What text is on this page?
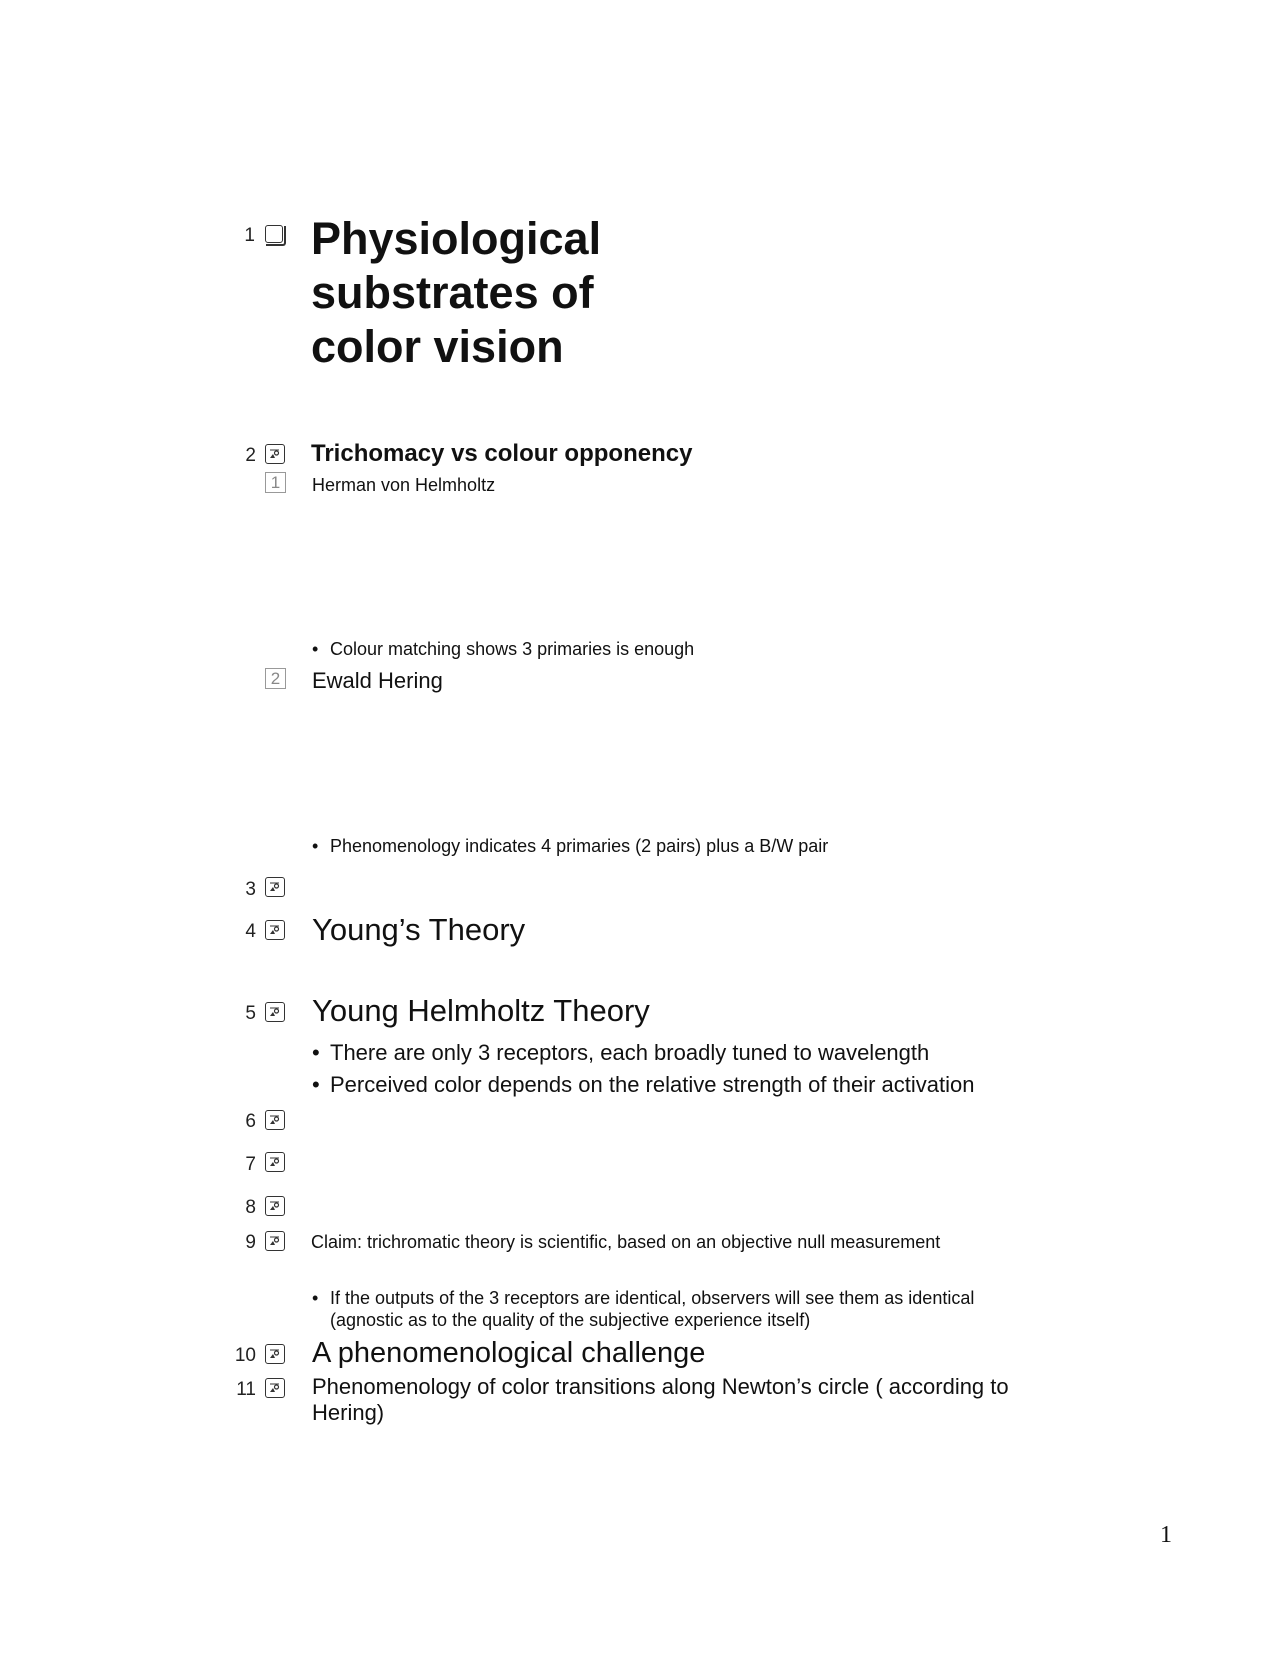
1 Physiological substrates of color vision
2 Trichomacy vs colour opponency
1	Herman von Helmholtz
• Colour matching shows 3 primaries is enough
2 Ewald Hering
• Phenomenology indicates 4 primaries (2 pairs) plus a B/W pair
3
4 Young’s Theory
5 Young Helmholtz Theory
• There are only 3 receptors, each broadly tuned to wavelength
• Perceived color depends on the relative strength of their activation
6
7
8
9	Claim: trichromatic theory is scientific, based on an objective null measurement
• If the outputs of the 3 receptors are identical, observers will see them as identical
(agnostic as to the quality of the subjective experience itself)
10 A phenomenological challenge
11	Phenomenology of color transitions along Newton’s circle ( according to
Hering)
1
